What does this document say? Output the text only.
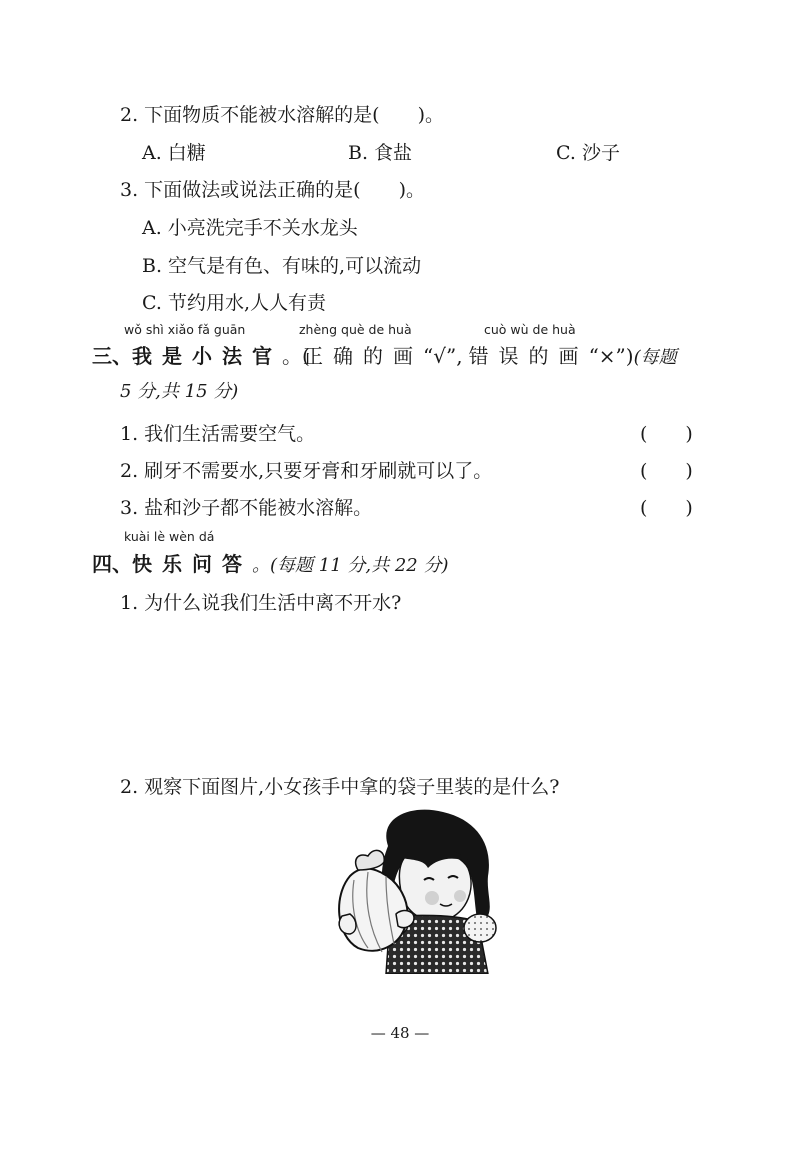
2. 下面物质不能被水溶解的是(　　)。
A. 白糖	B. 食盐	C. 沙子
3. 下面做法或说法正确的是(　　)。
A. 小亮洗完手不关水龙头
B. 空气是有色、有味的,可以流动
C. 节约用水,人人有责
wǒ shì xiǎo fǎ guān	zhèng què de huà	cuò wù de huà
三、我是小法官。(
正确的画“√”, 错误的画“×”)(每题
5 分,共 15 分)
1. 我们生活需要空气。	(　　)
2. 刷牙不需要水,只要牙膏和牙刷就可以了。	(　　)
3. 盐和沙子都不能被水溶解。	(　　)
kuài lè wèn dá
四、快乐问答。(每题 11 分,共 22 分)
1. 为什么说我们生活中离不开水?
2. 观察下面图片,小女孩手中拿的袋子里装的是什么?
— 48 —
